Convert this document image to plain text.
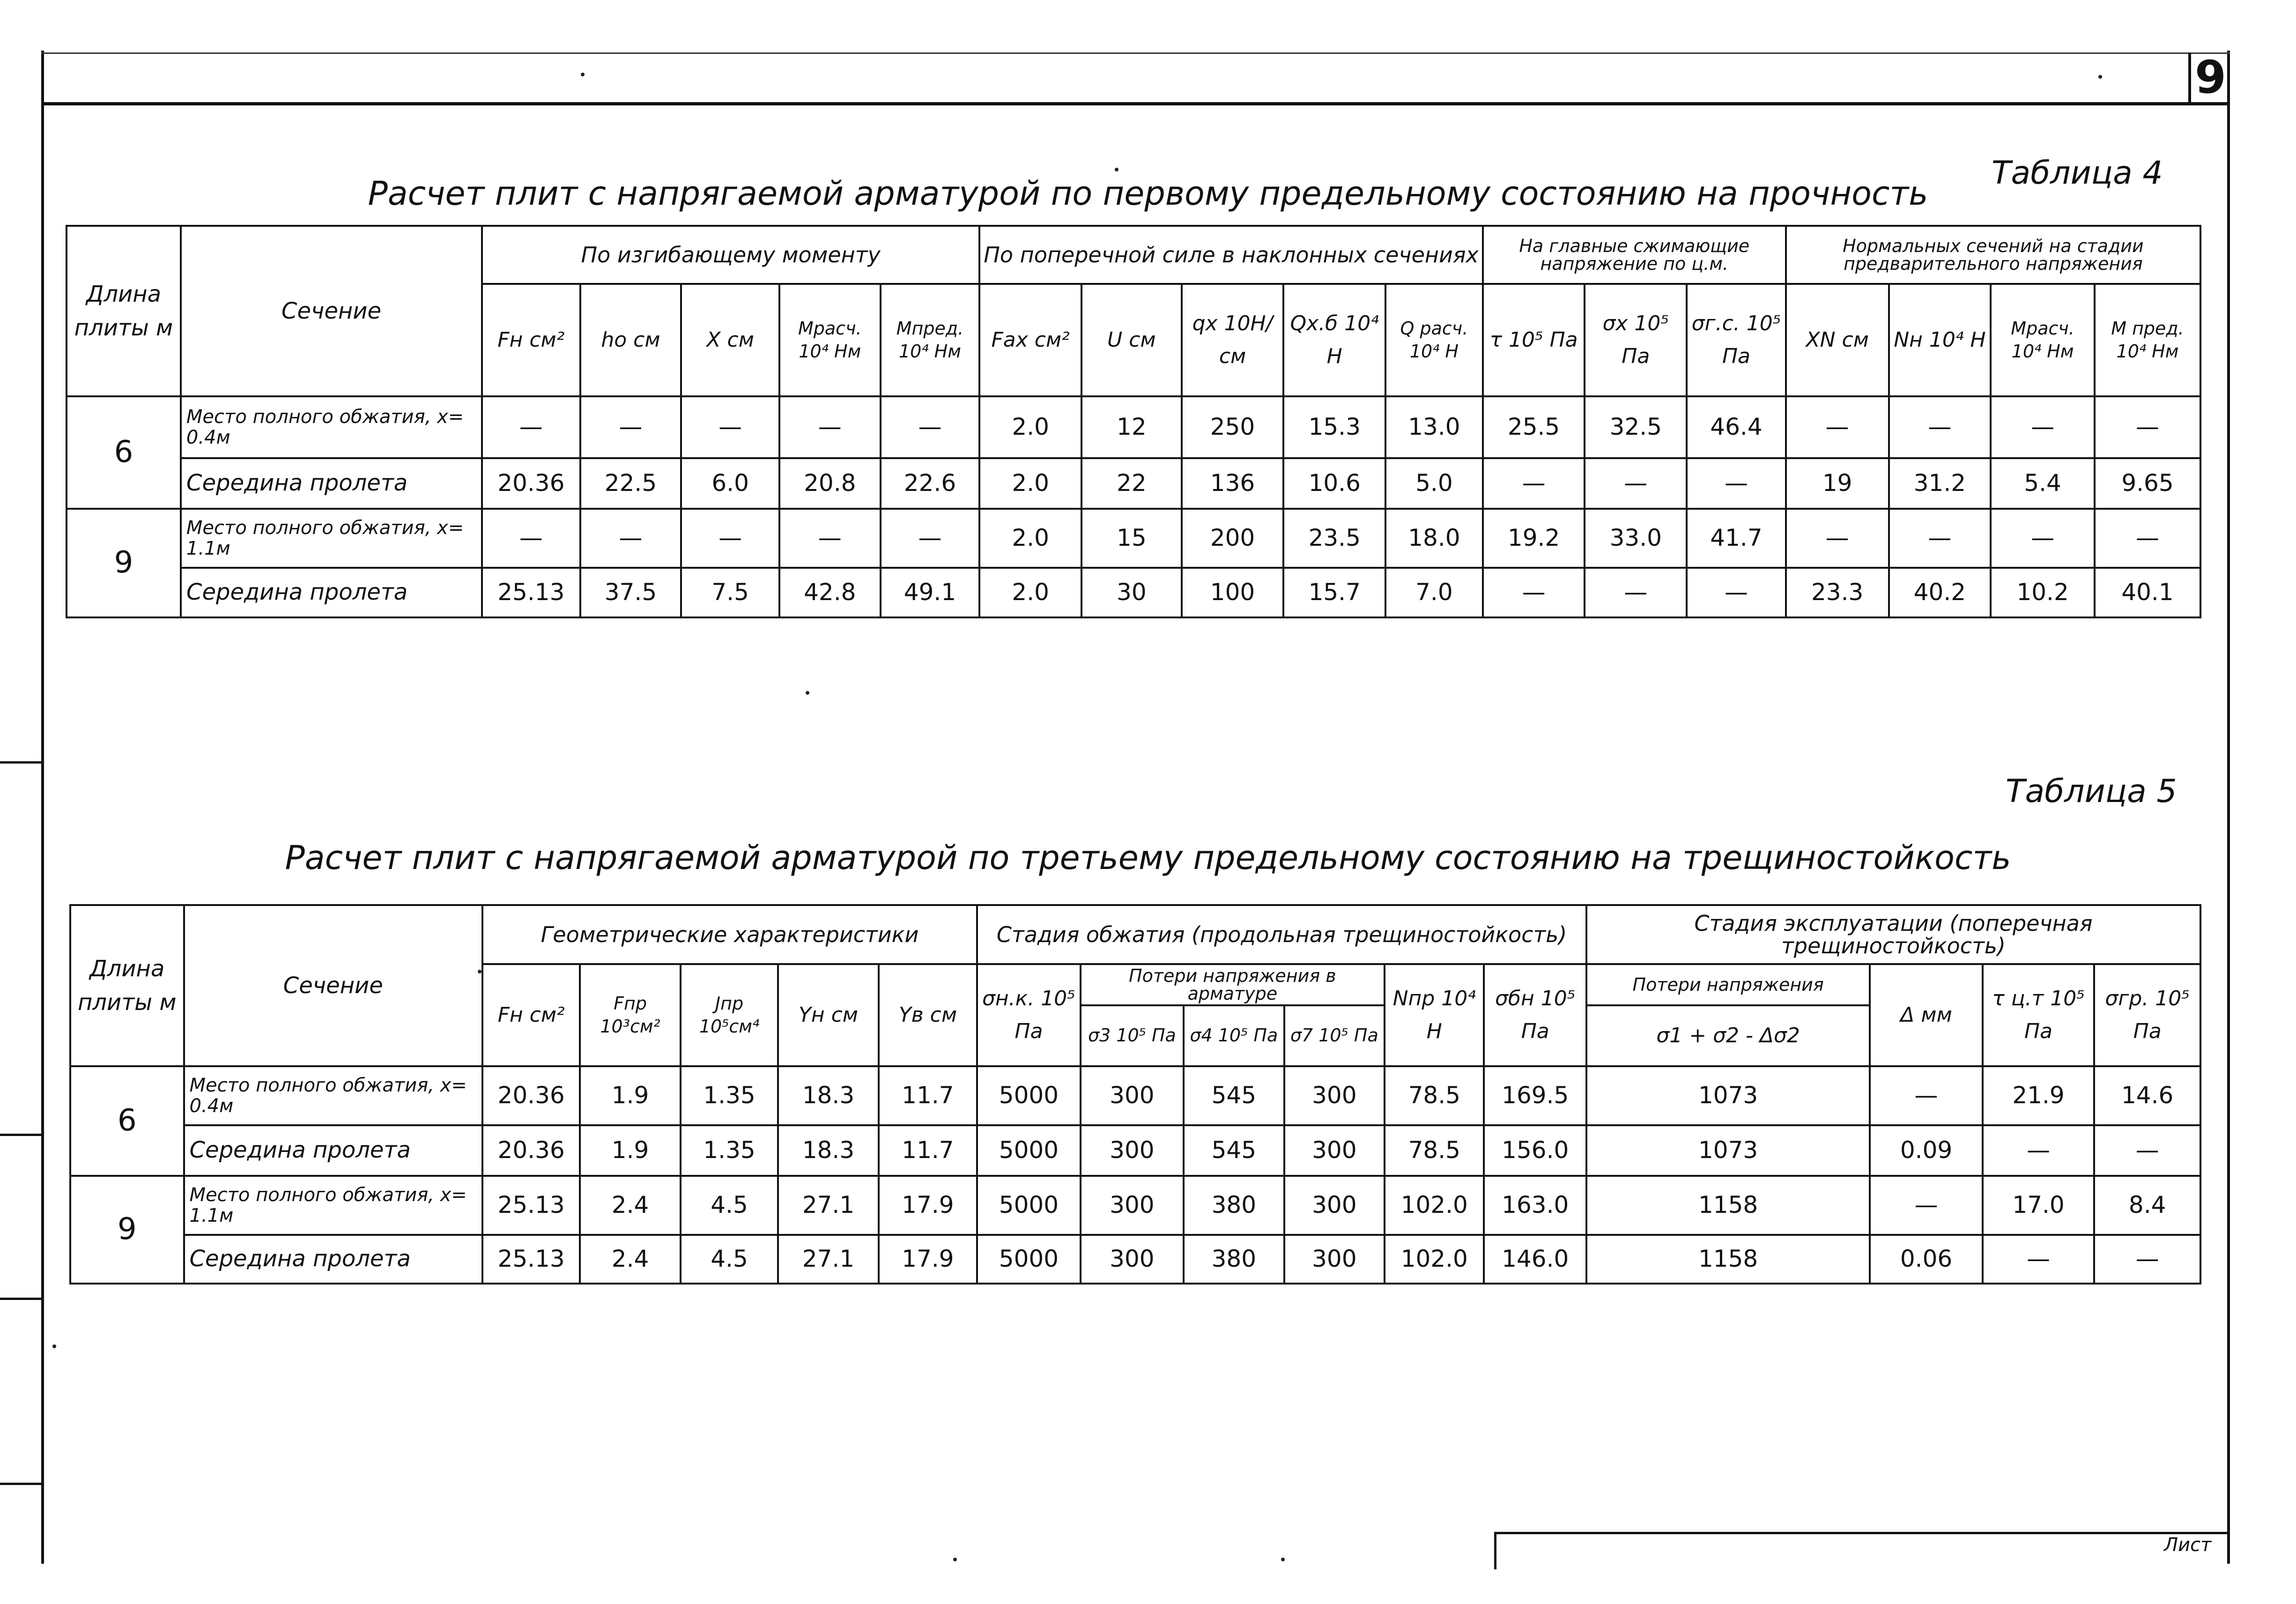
9
Лист
Таблица 4
Расчет плит с напрягаемой арматурой по первому предельному состоянию на прочность
Длина плиты м	Сечение	По изгибающему моменту					По поперечной силе в наклонных сечениях					На главные сжимающие напряжение по ц.м.			Нормальных сечений на стадии предварительного напряжения			
		Fн см²	hо см	X см	Mрасч. 10⁴ Нм	Mпред. 10⁴ Нм	Fах см²	U см	qх 10Н/см	Qх.б 10⁴ Н	Q расч. 10⁴ Н	τ 10⁵ Па	σх 10⁵ Па	σг.с. 10⁵ Па	XN см	Nн 10⁴ Н	Mрасч. 10⁴ Нм	M пред. 10⁴ Нм
6	Место полного обжатия, x= 0.4м	—	—	—	—	—	2.0	12	250	15.3	13.0	25.5	32.5	46.4	—	—	—	—
	Середина пролета	20.36	22.5	6.0	20.8	22.6	2.0	22	136	10.6	5.0	—	—	—	19	31.2	5.4	9.65
9	Место полного обжатия, x= 1.1м	—	—	—	—	—	2.0	15	200	23.5	18.0	19.2	33.0	41.7	—	—	—	—
	Середина пролета	25.13	37.5	7.5	42.8	49.1	2.0	30	100	15.7	7.0	—	—	—	23.3	40.2	10.2	40.1
Таблица 5
Расчет плит с напрягаемой арматурой по третьему предельному состоянию на трещиностойкость
Длина плиты м	Сечение	Геометрические характеристики					Стадия обжатия (продольная трещиностойкость)						Стадия эксплуатации (поперечная трещиностойкость)			
		Fн см²	Fпр 10³см²	Jпр 10⁵см⁴	Yн см	Yв см	σн.к. 10⁵ Па	Потери напряжения в арматуре			Nпр 10⁴ Н	σбн 10⁵ Па	Потери напряжения	Δ мм	τ ц.т 10⁵ Па	σгр. 10⁵ Па
								σ3 10⁵ Па	σ4 10⁵ Па	σ7 10⁵ Па			σ1 + σ2 - Δσ2			
6	Место полного обжатия, x= 0.4м	20.36	1.9	1.35	18.3	11.7	5000	300	545	300	78.5	169.5	1073	—	21.9	14.6
	Середина пролета	20.36	1.9	1.35	18.3	11.7	5000	300	545	300	78.5	156.0	1073	0.09	—	—
9	Место полного обжатия, x= 1.1м	25.13	2.4	4.5	27.1	17.9	5000	300	380	300	102.0	163.0	1158	—	17.0	8.4
	Середина пролета	25.13	2.4	4.5	27.1	17.9	5000	300	380	300	102.0	146.0	1158	0.06	—	—
